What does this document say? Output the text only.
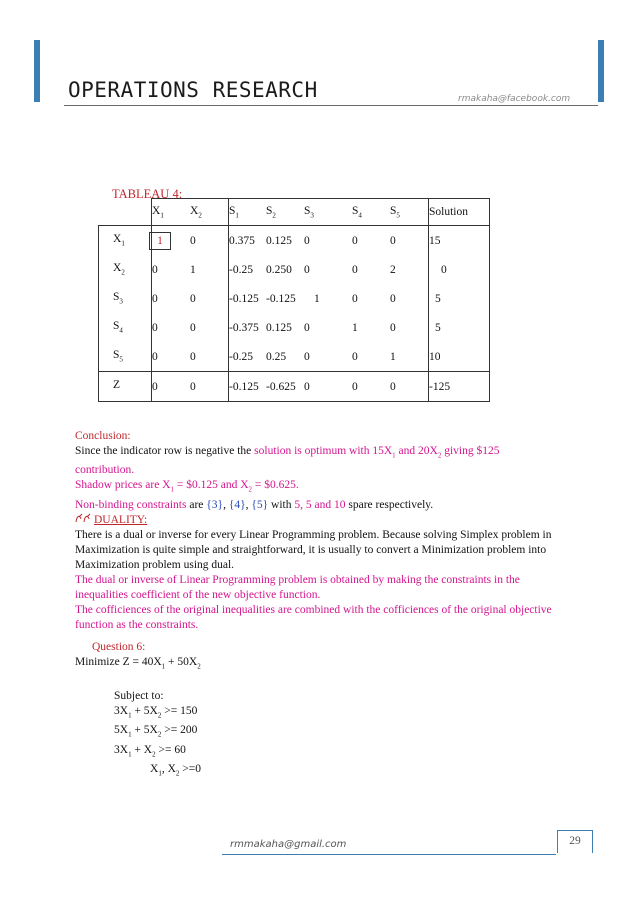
OPERATIONS RESEARCH	rmakaha@facebook.com
TABLEAU 4:
	$X_1$	$X_2$	$S_1$	$S_2$	$S_3$	$S_4$	$S_5$	Solution
$X_1$	1	0	0.375	0.125	0	0	0	15
$X_2$	0	1	-0.25	0.250	0	0	2	0
$S_3$	0	0	-0.125	-0.125	1	0	0	5
$S_4$	0	0	-0.375	0.125	0	1	0	5
$S_5$	0	0	-0.25	0.25	0	0	1	10
Z	0	0	-0.125	-0.625	0	0	0	-125
Conclusion:
Since the indicator row is negative the solution is optimum with $15X_1$ and $20X_2$ giving $125
contribution.
Shadow prices are $X_1$ = $0.125 and $X_2$ = $0.625.
Non-binding constraints are {3}, {4}, {5} with 5, 5 and 10 spare respectively.
DUALITY:
There is a dual or inverse for every Linear Programming problem. Because solving Simplex problem in
Maximization is quite simple and straightforward, it is usually to convert a Minimization problem into
Maximization problem using dual.
The dual or inverse of Linear Programming problem is obtained by making the constraints in the
inequalities coefficient of the new objective function.
The cofficiences of the original inequalities are combined with the cofficiences of the original objective
function as the constraints.
Question 6:
Minimize $Z = 40X_1 + 50X_2$
Subject to:
$3X_1 + 5X_2 >= 150$
$5X_1 + 5X_2 >= 200$
$3X_1 + X_2 >= 60$
$X_1$, $X_2 >=0$
rmmakaha@gmail.com	29
